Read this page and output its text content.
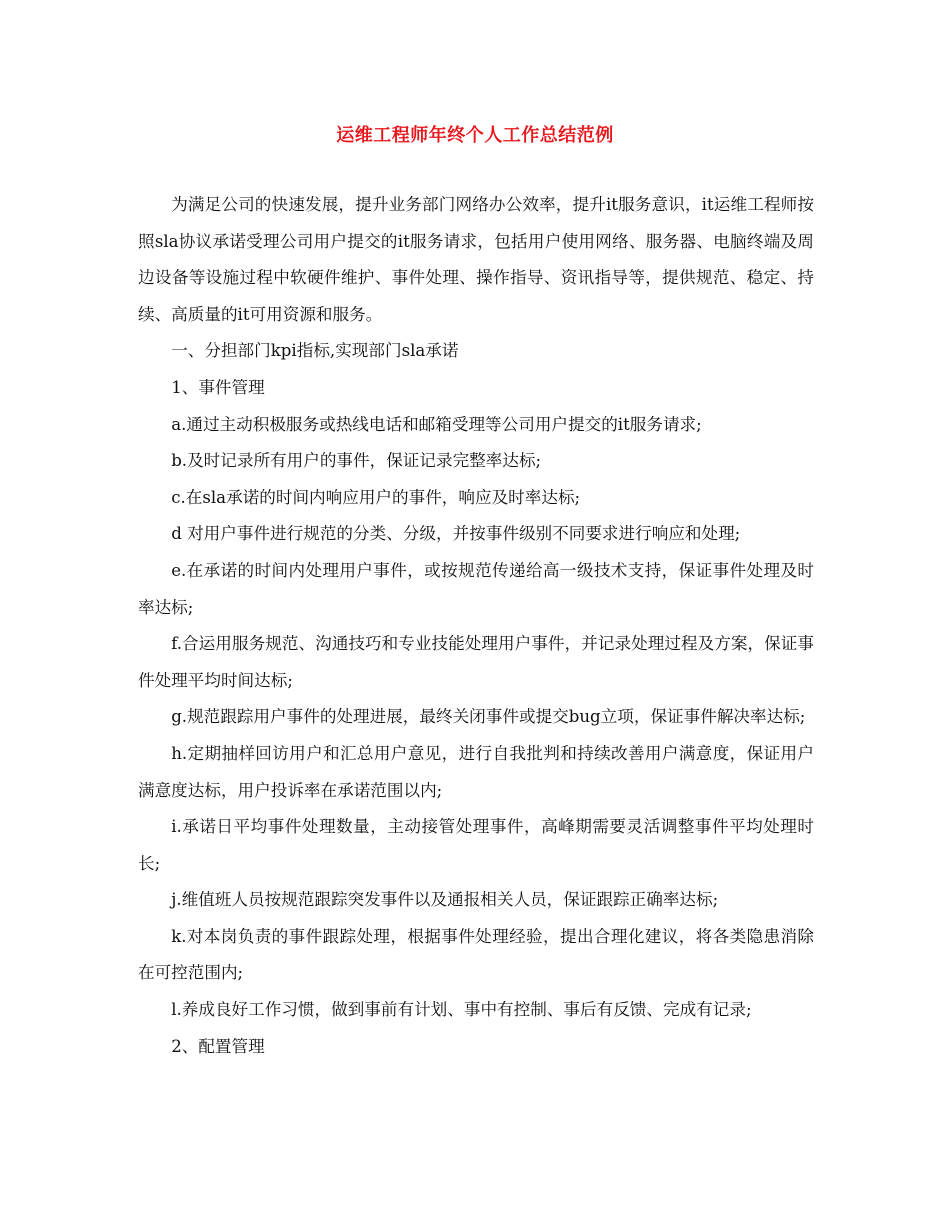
运维工程师年终个人工作总结范例

为满足公司的快速发展，提升业务部门网络办公效率，提升it服务意识，it运维工程师按照sla协议承诺受理公司用户提交的it服务请求，包括用户使用网络、服务器、电脑终端及周边设备等设施过程中软硬件维护、事件处理、操作指导、资讯指导等，提供规范、稳定、持续、高质量的it可用资源和服务。

一、分担部门kpi指标,实现部门sla承诺

1、事件管理

a.通过主动积极服务或热线电话和邮箱受理等公司用户提交的it服务请求;

b.及时记录所有用户的事件，保证记录完整率达标;

c.在sla承诺的时间内响应用户的事件，响应及时率达标;

d 对用户事件进行规范的分类、分级，并按事件级别不同要求进行响应和处理;

e.在承诺的时间内处理用户事件，或按规范传递给高一级技术支持，保证事件处理及时率达标;

f.合运用服务规范、沟通技巧和专业技能处理用户事件，并记录处理过程及方案，保证事件处理平均时间达标;

g.规范跟踪用户事件的处理进展，最终关闭事件或提交bug立项，保证事件解决率达标;

h.定期抽样回访用户和汇总用户意见，进行自我批判和持续改善用户满意度，保证用户满意度达标，用户投诉率在承诺范围以内;

i.承诺日平均事件处理数量，主动接管处理事件，高峰期需要灵活调整事件平均处理时长;

j.维值班人员按规范跟踪突发事件以及通报相关人员，保证跟踪正确率达标;

k.对本岗负责的事件跟踪处理，根据事件处理经验，提出合理化建议，将各类隐患消除在可控范围内;

l.养成良好工作习惯，做到事前有计划、事中有控制、事后有反馈、完成有记录;

2、配置管理
